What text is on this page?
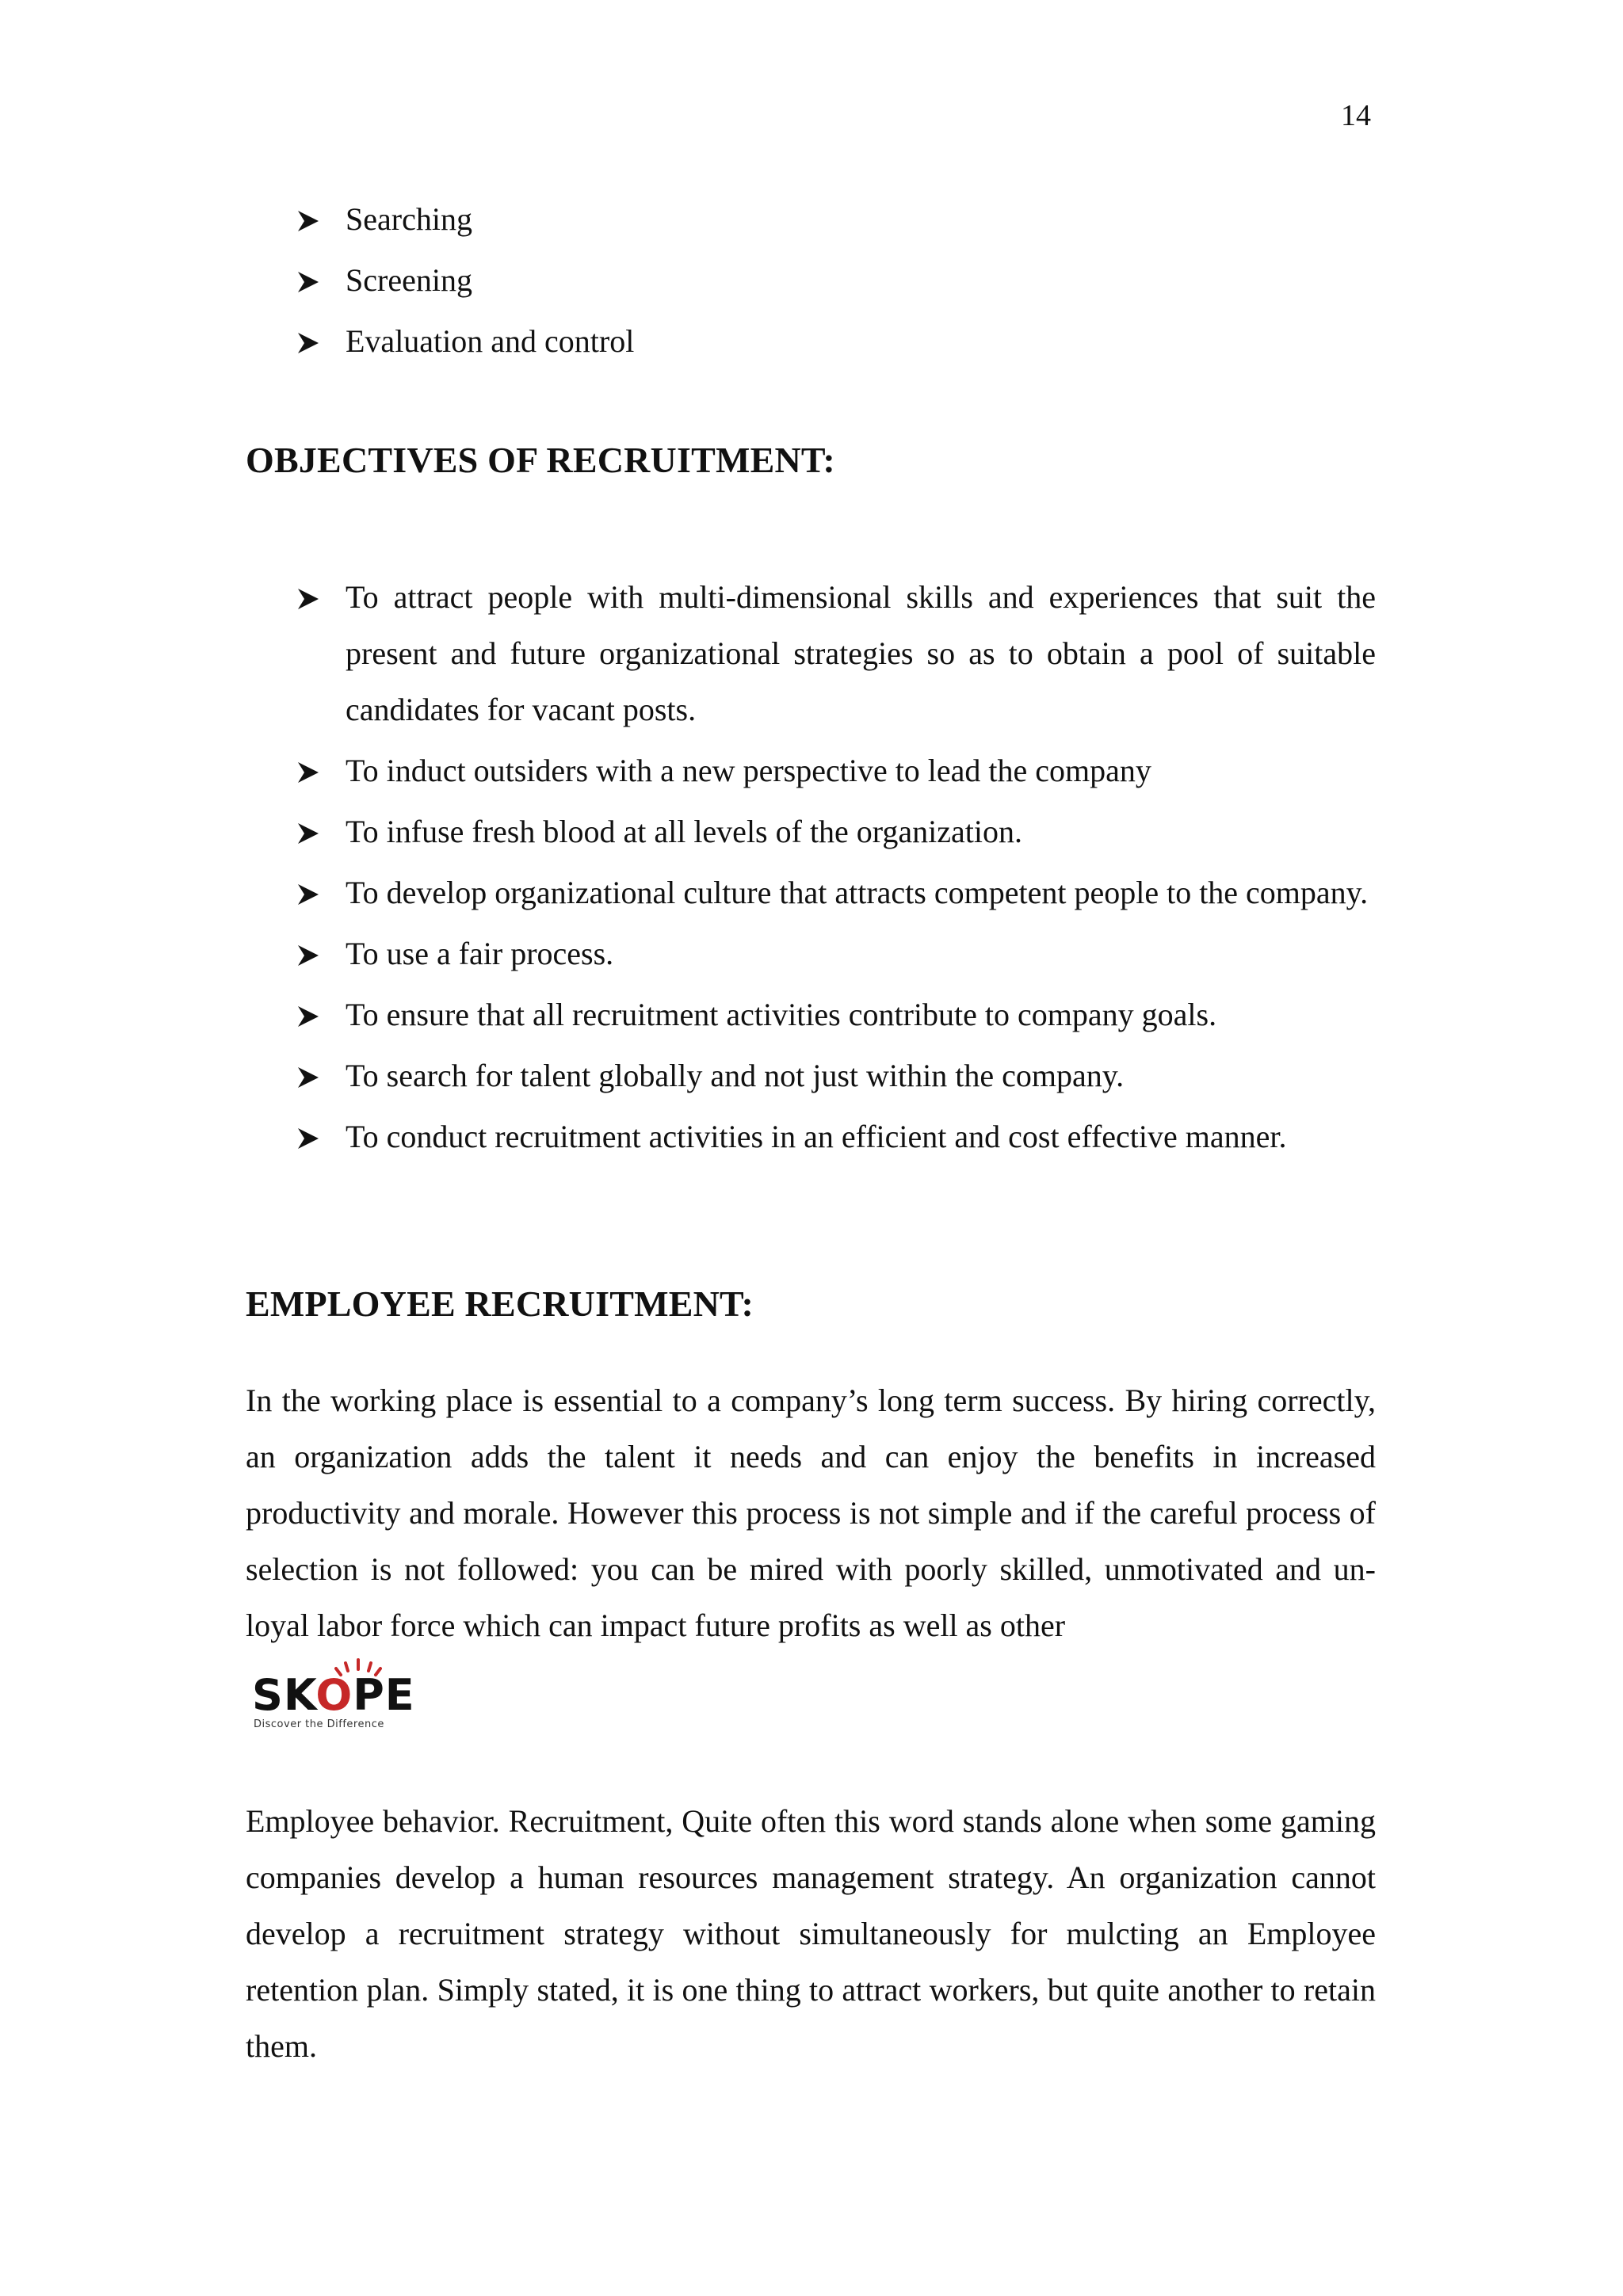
14

Searching
Screening
Evaluation and control
OBJECTIVES OF RECRUITMENT:
To attract people with multi-dimensional skills and experiences that suit the present and future organizational strategies so as to obtain a pool of suitable candidates for vacant posts.
To induct outsiders with a new perspective to lead the company
To infuse fresh blood at all levels of the organization.
To develop organizational culture that attracts competent people to the company.
To use a fair process.
To ensure that all recruitment activities contribute to company goals.
To search for talent globally and not just within the company.
To conduct recruitment activities in an efficient and cost effective manner.
EMPLOYEE RECRUITMENT:

In the working place is essential to a company’s long term success. By hiring correctly, an organization adds the talent it needs and can enjoy the benefits in increased productivity and morale. However this process is not simple and if the careful process of selection is not followed: you can be mired with poorly skilled, unmotivated and un-loyal labor force which can impact future profits as well as other

SKOPE
Discover the Difference

Employee behavior. Recruitment, Quite often this word stands alone when some gaming companies develop a human resources management strategy. An organization cannot develop a recruitment strategy without simultaneously for mulcting an Employee retention plan. Simply stated, it is one thing to attract workers, but quite another to retain them.
